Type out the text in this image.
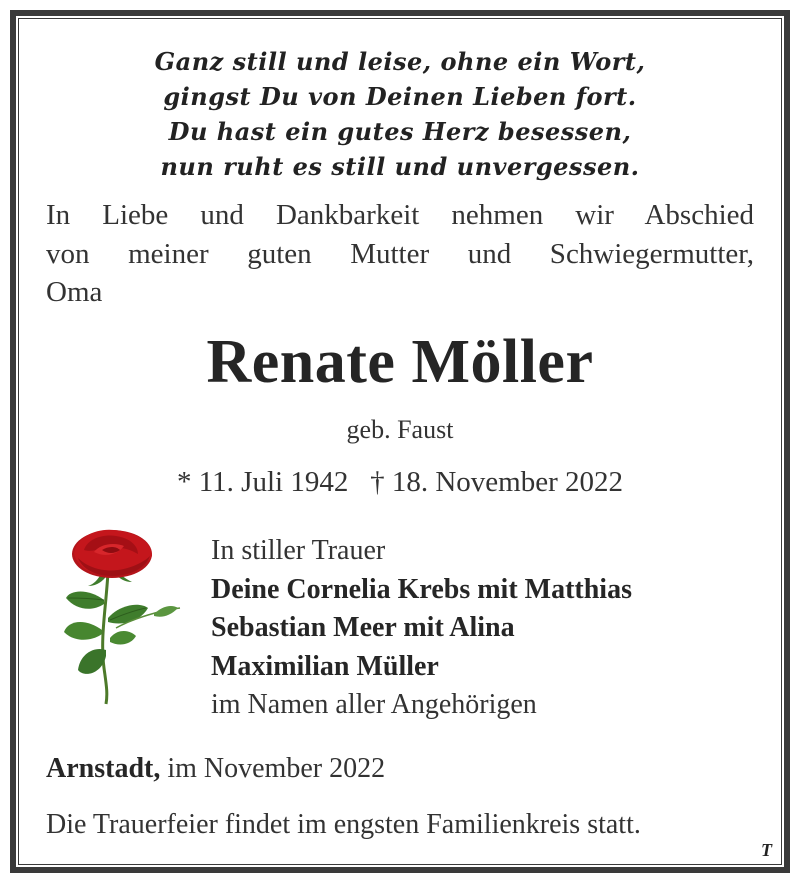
Ganz still und leise, ohne ein Wort,
gingst Du von Deinen Lieben fort.
Du hast ein gutes Herz besessen,
nun ruht es still und unvergessen.
In Liebe und Dankbarkeit nehmen wir Abschied
von meiner guten Mutter und Schwiegermutter,
Oma
Renate Möller
geb. Faust
* 11. Juli 1942   † 18. November 2022
In stiller Trauer
Deine Cornelia Krebs mit Matthias
Sebastian Meer mit Alina
Maximilian Müller
im Namen aller Angehörigen
Arnstadt, im November 2022
Die Trauerfeier findet im engsten Familienkreis statt.
T
